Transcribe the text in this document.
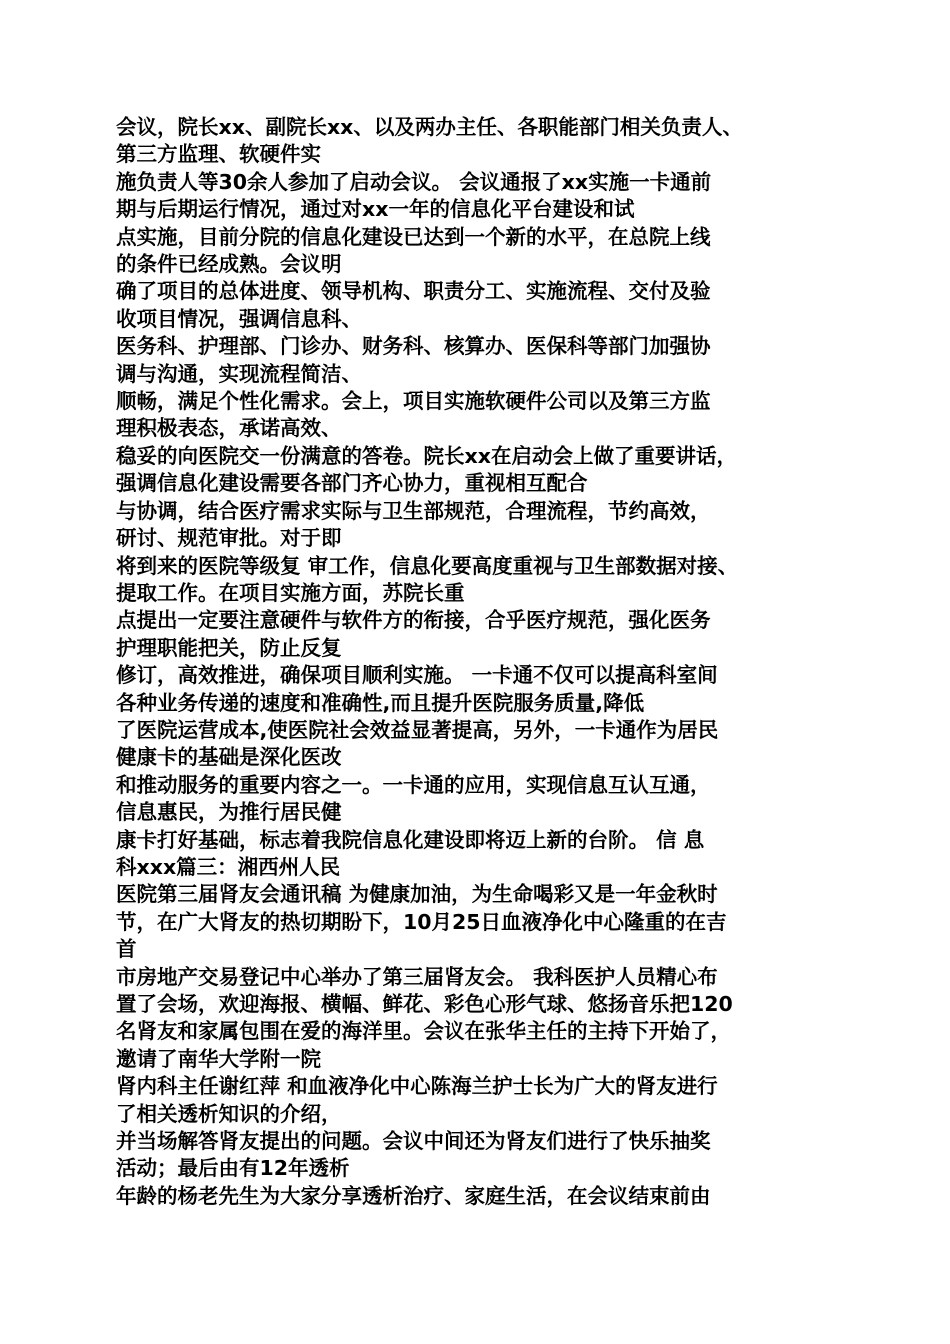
会议，院长xx、副院长xx、以及两办主任、各职能部门相关负责人、

第三方监理、软硬件实

施负责人等30余人参加了启动会议。 会议通报了xx实施一卡通前

期与后期运行情况，通过对xx一年的信息化平台建设和试

点实施，目前分院的信息化建设已达到一个新的水平，在总院上线

的条件已经成熟。会议明

确了项目的总体进度、领导机构、职责分工、实施流程、交付及验

收项目情况，强调信息科、

医务科、护理部、门诊办、财务科、核算办、医保科等部门加强协

调与沟通，实现流程简洁、

顺畅，满足个性化需求。会上，项目实施软硬件公司以及第三方监

理积极表态，承诺高效、

稳妥的向医院交一份满意的答卷。院长xx在启动会上做了重要讲话，

强调信息化建设需要各部门齐心协力，重视相互配合

与协调，结合医疗需求实际与卫生部规范，合理流程，节约高效，

研讨、规范审批。对于即

将到来的医院等级复 审工作，信息化要高度重视与卫生部数据对接、

提取工作。在项目实施方面，苏院长重

点提出一定要注意硬件与软件方的衔接，合乎医疗规范，强化医务

护理职能把关，防止反复

修订，高效推进，确保项目顺利实施。 一卡通不仅可以提高科室间

各种业务传递的速度和准确性,而且提升医院服务质量,降低

了医院运营成本,使医院社会效益显著提高，另外，一卡通作为居民

健康卡的基础是深化医改

和推动服务的重要内容之一。一卡通的应用，实现信息互认互通，

信息惠民，为推行居民健

康卡打好基础，标志着我院信息化建设即将迈上新的台阶。 信 息

科xxx篇三：湘西州人民

医院第三届肾友会通讯稿 为健康加油，为生命喝彩又是一年金秋时

节，在广大肾友的热切期盼下，10月25日血液净化中心隆重的在吉

首

市房地产交易登记中心举办了第三届肾友会。 我科医护人员精心布

置了会场，欢迎海报、横幅、鲜花、彩色心形气球、悠扬音乐把120

名肾友和家属包围在爱的海洋里。会议在张华主任的主持下开始了，

邀请了南华大学附一院

肾内科主任谢红萍 和血液净化中心陈海兰护士长为广大的肾友进行

了相关透析知识的介绍，

并当场解答肾友提出的问题。会议中间还为肾友们进行了快乐抽奖

活动；最后由有12年透析

年龄的杨老先生为大家分享透析治疗、家庭生活，在会议结束前由
